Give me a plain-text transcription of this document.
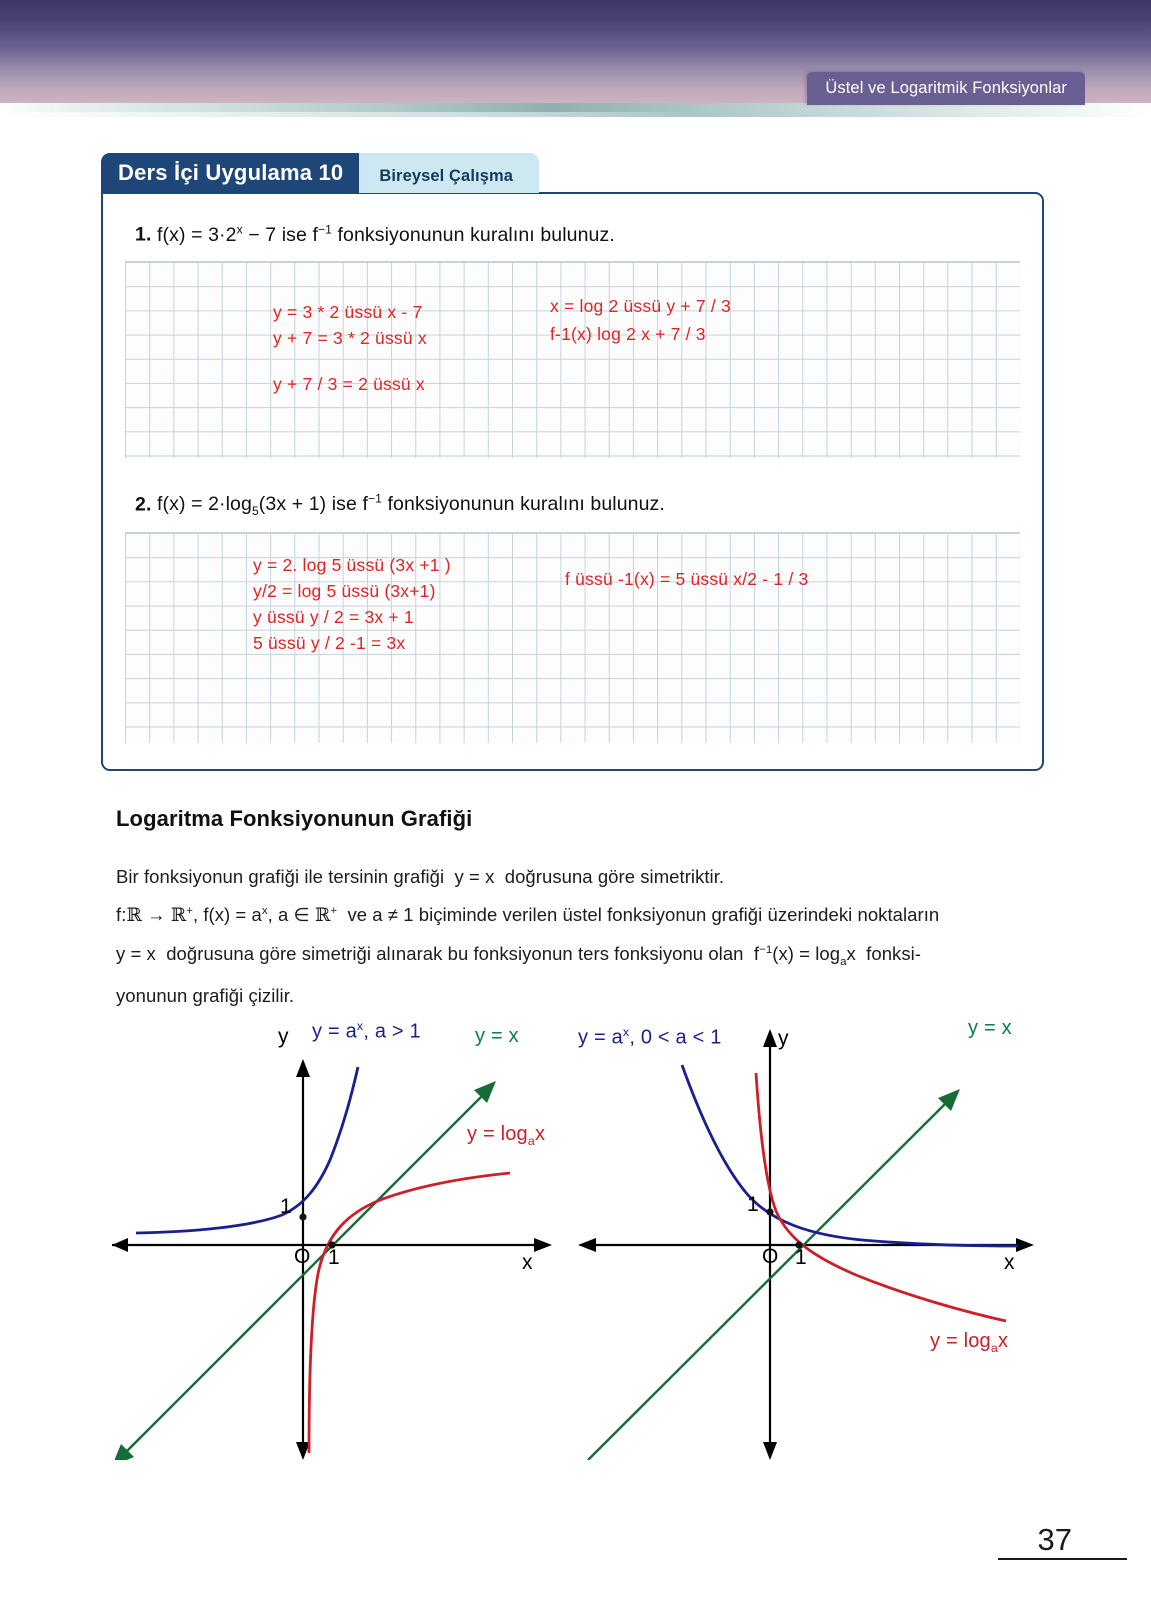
Üstel ve Logaritmik Fonksiyonlar
Ders İçi Uygulama 10 Bireysel Çalışma
1. $f(x) = 3\cdot 2^x - 7$ ise $f^{-1}$ fonksiyonunun kuralını bulunuz.
y = 3 * 2 üssü x - 7
y + 7 = 3 * 2 üssü x
y + 7 / 3 = 2 üssü x
x = log 2 üssü y + 7 / 3
f-1(x) log 2 x + 7 / 3
2. $f(x) = 2\cdot\log_5(3x + 1)$ ise $f^{-1}$ fonksiyonunun kuralını bulunuz.
y = 2. log 5 üssü (3x +1 )
y/2 = log 5 üssü (3x+1)
y üssü y / 2 = 3x + 1
5 üssü y / 2 -1 = 3x
f üssü -1(x) = 5 üssü x/2 - 1 / 3
Logaritma Fonksiyonunun Grafiği
Bir fonksiyonun grafiği ile tersinin grafiği  y = x  doğrusuna göre simetriktir.
f:ℝ → ℝ+, $f(x) = a^x$, a ∈ ℝ+  ve a ≠ 1 biçiminde verilen üstel fonksiyonun grafiği üzerindeki noktaların
y = x  doğrusuna göre simetriği alınarak bu fonksiyonun ters fonksiyonu olan  $f^{-1}(x) = \log_ax$  fonksi-
yonunun grafiği çizilir.
y
x
O 1
1
$y = a^x$, a > 1	y = x
$y = \log_ax$
y
x
O 1
1
$y = a^x$, 0 < a < 1	y = x
$y = \log_ax$
37
